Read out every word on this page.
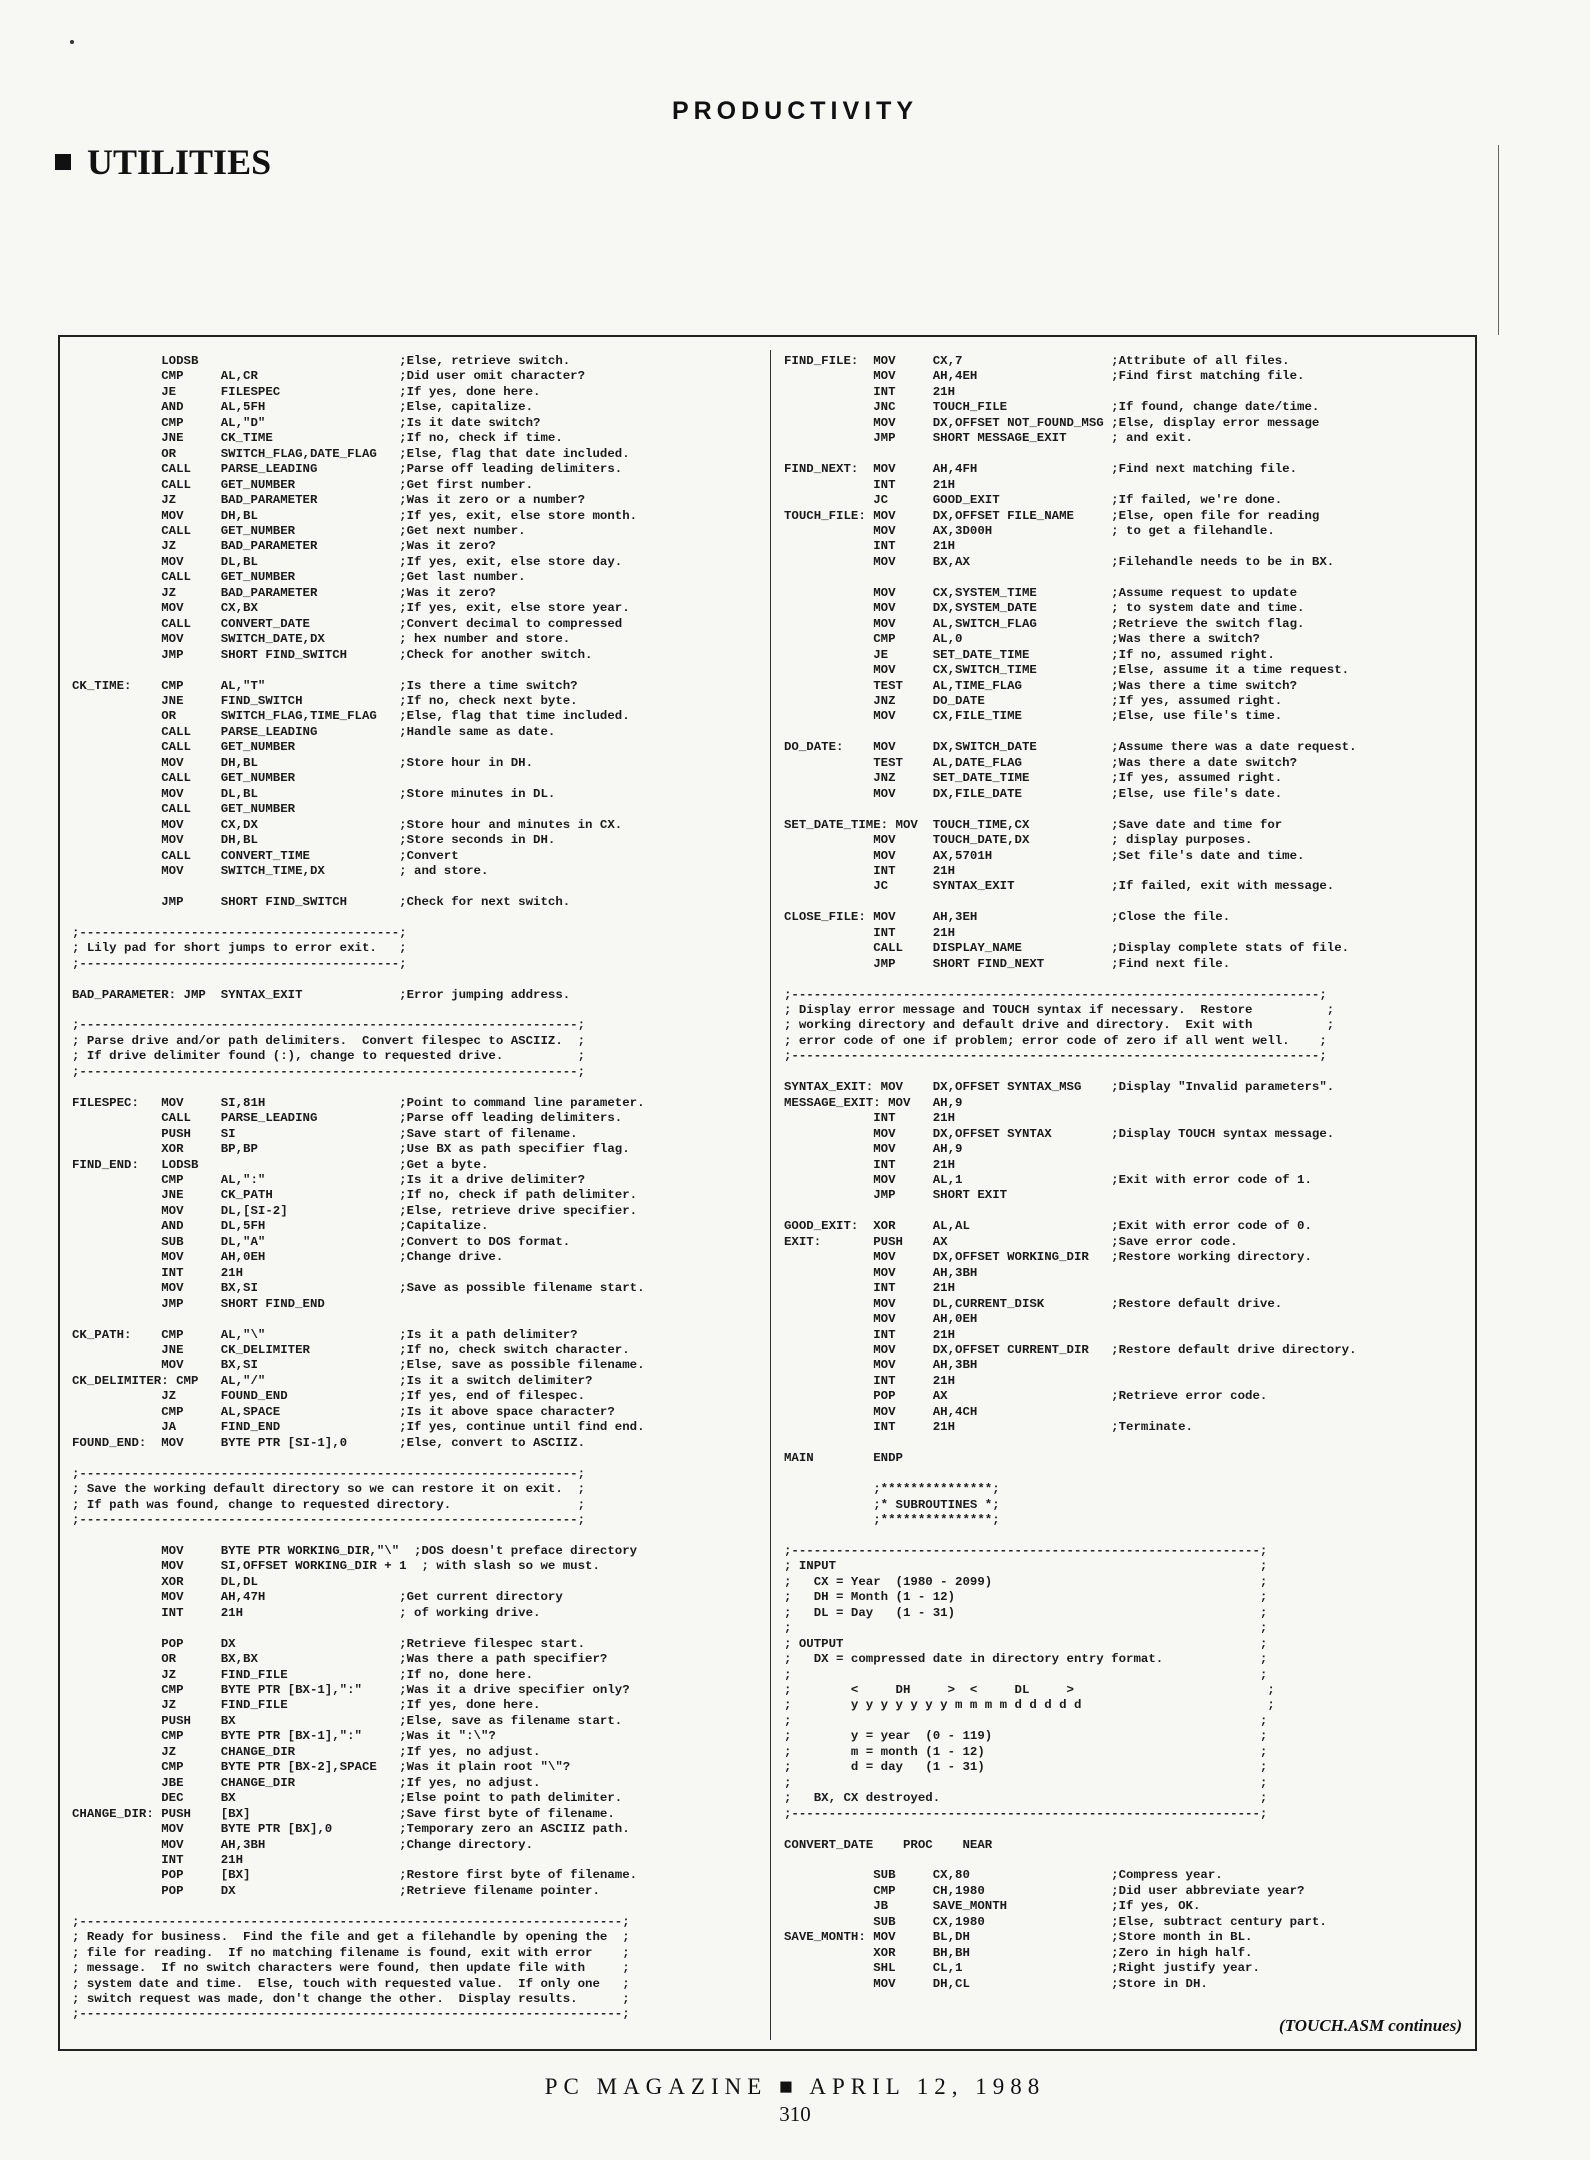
PRODUCTIVITY
UTILITIES
LODSB                           ;Else, retrieve switch.
CMP     AL,CR                   ;Did user omit character?
JE      FILESPEC                ;If yes, done here.
AND     AL,5FH                  ;Else, capitalize.
CMP     AL,"D"                  ;Is it date switch?
JNE     CK_TIME                 ;If no, check if time.
OR      SWITCH_FLAG,DATE_FLAG   ;Else, flag that date included.
CALL    PARSE_LEADING           ;Parse off leading delimiters.
CALL    GET_NUMBER              ;Get first number.
JZ      BAD_PARAMETER           ;Was it zero or a number?
MOV     DH,BL                   ;If yes, exit, else store month.
CALL    GET_NUMBER              ;Get next number.
JZ      BAD_PARAMETER           ;Was it zero?
MOV     DL,BL                   ;If yes, exit, else store day.
CALL    GET_NUMBER              ;Get last number.
JZ      BAD_PARAMETER           ;Was it zero?
MOV     CX,BX                   ;If yes, exit, else store year.
CALL    CONVERT_DATE            ;Convert decimal to compressed
MOV     SWITCH_DATE,DX          ; hex number and store.
JMP     SHORT FIND_SWITCH       ;Check for another switch.

CK_TIME:    CMP     AL,"T"                  ;Is there a time switch?
JNE     FIND_SWITCH             ;If no, check next byte.
OR      SWITCH_FLAG,TIME_FLAG   ;Else, flag that time included.
CALL    PARSE_LEADING           ;Handle same as date.
CALL    GET_NUMBER
MOV     DH,BL                   ;Store hour in DH.
CALL    GET_NUMBER
MOV     DL,BL                   ;Store minutes in DL.
CALL    GET_NUMBER
MOV     CX,DX                   ;Store hour and minutes in CX.
MOV     DH,BL                   ;Store seconds in DH.
CALL    CONVERT_TIME            ;Convert
MOV     SWITCH_TIME,DX          ; and store.

JMP     SHORT FIND_SWITCH       ;Check for next switch.

;-------------------------------------------;
; Lily pad for short jumps to error exit.   ;
;-------------------------------------------;

BAD_PARAMETER: JMP  SYNTAX_EXIT             ;Error jumping address.

;-------------------------------------------------------------------;
; Parse drive and/or path delimiters.  Convert filespec to ASCIIZ.  ;
; If drive delimiter found (:), change to requested drive.          ;
;-------------------------------------------------------------------;

FILESPEC:   MOV     SI,81H                  ;Point to command line parameter.
CALL    PARSE_LEADING           ;Parse off leading delimiters.
PUSH    SI                      ;Save start of filename.
XOR     BP,BP                   ;Use BX as path specifier flag.
FIND_END:   LODSB                           ;Get a byte.
CMP     AL,":"                  ;Is it a drive delimiter?
JNE     CK_PATH                 ;If no, check if path delimiter.
MOV     DL,[SI-2]               ;Else, retrieve drive specifier.
AND     DL,5FH                  ;Capitalize.
SUB     DL,"A"                  ;Convert to DOS format.
MOV     AH,0EH                  ;Change drive.
INT     21H
MOV     BX,SI                   ;Save as possible filename start.
JMP     SHORT FIND_END

CK_PATH:    CMP     AL,"\"                  ;Is it a path delimiter?
JNE     CK_DELIMITER            ;If no, check switch character.
MOV     BX,SI                   ;Else, save as possible filename.
CK_DELIMITER: CMP   AL,"/"                  ;Is it a switch delimiter?
JZ      FOUND_END               ;If yes, end of filespec.
CMP     AL,SPACE                ;Is it above space character?
JA      FIND_END                ;If yes, continue until find end.
FOUND_END:  MOV     BYTE PTR [SI-1],0       ;Else, convert to ASCIIZ.

;-------------------------------------------------------------------;
; Save the working default directory so we can restore it on exit.  ;
; If path was found, change to requested directory.                 ;
;-------------------------------------------------------------------;

MOV     BYTE PTR WORKING_DIR,"\"  ;DOS doesn't preface directory
MOV     SI,OFFSET WORKING_DIR + 1  ; with slash so we must.
XOR     DL,DL
MOV     AH,47H                  ;Get current directory
INT     21H                     ; of working drive.

POP     DX                      ;Retrieve filespec start.
OR      BX,BX                   ;Was there a path specifier?
JZ      FIND_FILE               ;If no, done here.
CMP     BYTE PTR [BX-1],":"     ;Was it a drive specifier only?
JZ      FIND_FILE               ;If yes, done here.
PUSH    BX                      ;Else, save as filename start.
CMP     BYTE PTR [BX-1],":"     ;Was it ":\"?
JZ      CHANGE_DIR              ;If yes, no adjust.
CMP     BYTE PTR [BX-2],SPACE   ;Was it plain root "\"?
JBE     CHANGE_DIR              ;If yes, no adjust.
DEC     BX                      ;Else point to path delimiter.
CHANGE_DIR: PUSH    [BX]                    ;Save first byte of filename.
MOV     BYTE PTR [BX],0         ;Temporary zero an ASCIIZ path.
MOV     AH,3BH                  ;Change directory.
INT     21H
POP     [BX]                    ;Restore first byte of filename.
POP     DX                      ;Retrieve filename pointer.

;-------------------------------------------------------------------------;
; Ready for business.  Find the file and get a filehandle by opening the  ;
; file for reading.  If no matching filename is found, exit with error    ;
; message.  If no switch characters were found, then update file with     ;
; system date and time.  Else, touch with requested value.  If only one   ;
; switch request was made, don't change the other.  Display results.      ;
;-------------------------------------------------------------------------;
FIND_FILE:  MOV     CX,7                    ;Attribute of all files.
MOV     AH,4EH                  ;Find first matching file.
INT     21H
JNC     TOUCH_FILE              ;If found, change date/time.
MOV     DX,OFFSET NOT_FOUND_MSG ;Else, display error message
JMP     SHORT MESSAGE_EXIT      ; and exit.

FIND_NEXT:  MOV     AH,4FH                  ;Find next matching file.
INT     21H
JC      GOOD_EXIT               ;If failed, we're done.
TOUCH_FILE: MOV     DX,OFFSET FILE_NAME     ;Else, open file for reading
MOV     AX,3D00H                ; to get a filehandle.
INT     21H
MOV     BX,AX                   ;Filehandle needs to be in BX.

MOV     CX,SYSTEM_TIME          ;Assume request to update
MOV     DX,SYSTEM_DATE          ; to system date and time.
MOV     AL,SWITCH_FLAG          ;Retrieve the switch flag.
CMP     AL,0                    ;Was there a switch?
JE      SET_DATE_TIME           ;If no, assumed right.
MOV     CX,SWITCH_TIME          ;Else, assume it a time request.
TEST    AL,TIME_FLAG            ;Was there a time switch?
JNZ     DO_DATE                 ;If yes, assumed right.
MOV     CX,FILE_TIME            ;Else, use file's time.

DO_DATE:    MOV     DX,SWITCH_DATE          ;Assume there was a date request.
TEST    AL,DATE_FLAG            ;Was there a date switch?
JNZ     SET_DATE_TIME           ;If yes, assumed right.
MOV     DX,FILE_DATE            ;Else, use file's date.

SET_DATE_TIME: MOV  TOUCH_TIME,CX           ;Save date and time for
MOV     TOUCH_DATE,DX           ; display purposes.
MOV     AX,5701H                ;Set file's date and time.
INT     21H
JC      SYNTAX_EXIT             ;If failed, exit with message.

CLOSE_FILE: MOV     AH,3EH                  ;Close the file.
INT     21H
CALL    DISPLAY_NAME            ;Display complete stats of file.
JMP     SHORT FIND_NEXT         ;Find next file.

;-----------------------------------------------------------------------;
; Display error message and TOUCH syntax if necessary.  Restore          ;
; working directory and default drive and directory.  Exit with          ;
; error code of one if problem; error code of zero if all went well.    ;
;-----------------------------------------------------------------------;

SYNTAX_EXIT: MOV    DX,OFFSET SYNTAX_MSG    ;Display "Invalid parameters".
MESSAGE_EXIT: MOV   AH,9
INT     21H
MOV     DX,OFFSET SYNTAX        ;Display TOUCH syntax message.
MOV     AH,9
INT     21H
MOV     AL,1                    ;Exit with error code of 1.
JMP     SHORT EXIT

GOOD_EXIT:  XOR     AL,AL                   ;Exit with error code of 0.
EXIT:       PUSH    AX                      ;Save error code.
MOV     DX,OFFSET WORKING_DIR   ;Restore working directory.
MOV     AH,3BH
INT     21H
MOV     DL,CURRENT_DISK         ;Restore default drive.
MOV     AH,0EH
INT     21H
MOV     DX,OFFSET CURRENT_DIR   ;Restore default drive directory.
MOV     AH,3BH
INT     21H
POP     AX                      ;Retrieve error code.
MOV     AH,4CH
INT     21H                     ;Terminate.

MAIN        ENDP

;***************;
;* SUBROUTINES *;
;***************;

;---------------------------------------------------------------;
; INPUT                                                         ;
;   CX = Year  (1980 - 2099)                                    ;
;   DH = Month (1 - 12)                                         ;
;   DL = Day   (1 - 31)                                         ;
;                                                               ;
; OUTPUT                                                        ;
;   DX = compressed date in directory entry format.             ;
;                                                               ;
;        <     DH     >  <     DL     >                          ;
;        y y y y y y y m m m m d d d d d                         ;
;                                                               ;
;        y = year  (0 - 119)                                    ;
;        m = month (1 - 12)                                     ;
;        d = day   (1 - 31)                                     ;
;                                                               ;
;   BX, CX destroyed.                                           ;
;---------------------------------------------------------------;

CONVERT_DATE    PROC    NEAR

SUB     CX,80                   ;Compress year.
CMP     CH,1980                 ;Did user abbreviate year?
JB      SAVE_MONTH              ;If yes, OK.
SUB     CX,1980                 ;Else, subtract century part.
SAVE_MONTH: MOV     BL,DH                   ;Store month in BL.
XOR     BH,BH                   ;Zero in high half.
SHL     CL,1                    ;Right justify year.
MOV     DH,CL                   ;Store in DH.
(TOUCH.ASM continues)
PC MAGAZINE ■ APRIL 12, 1988
310
